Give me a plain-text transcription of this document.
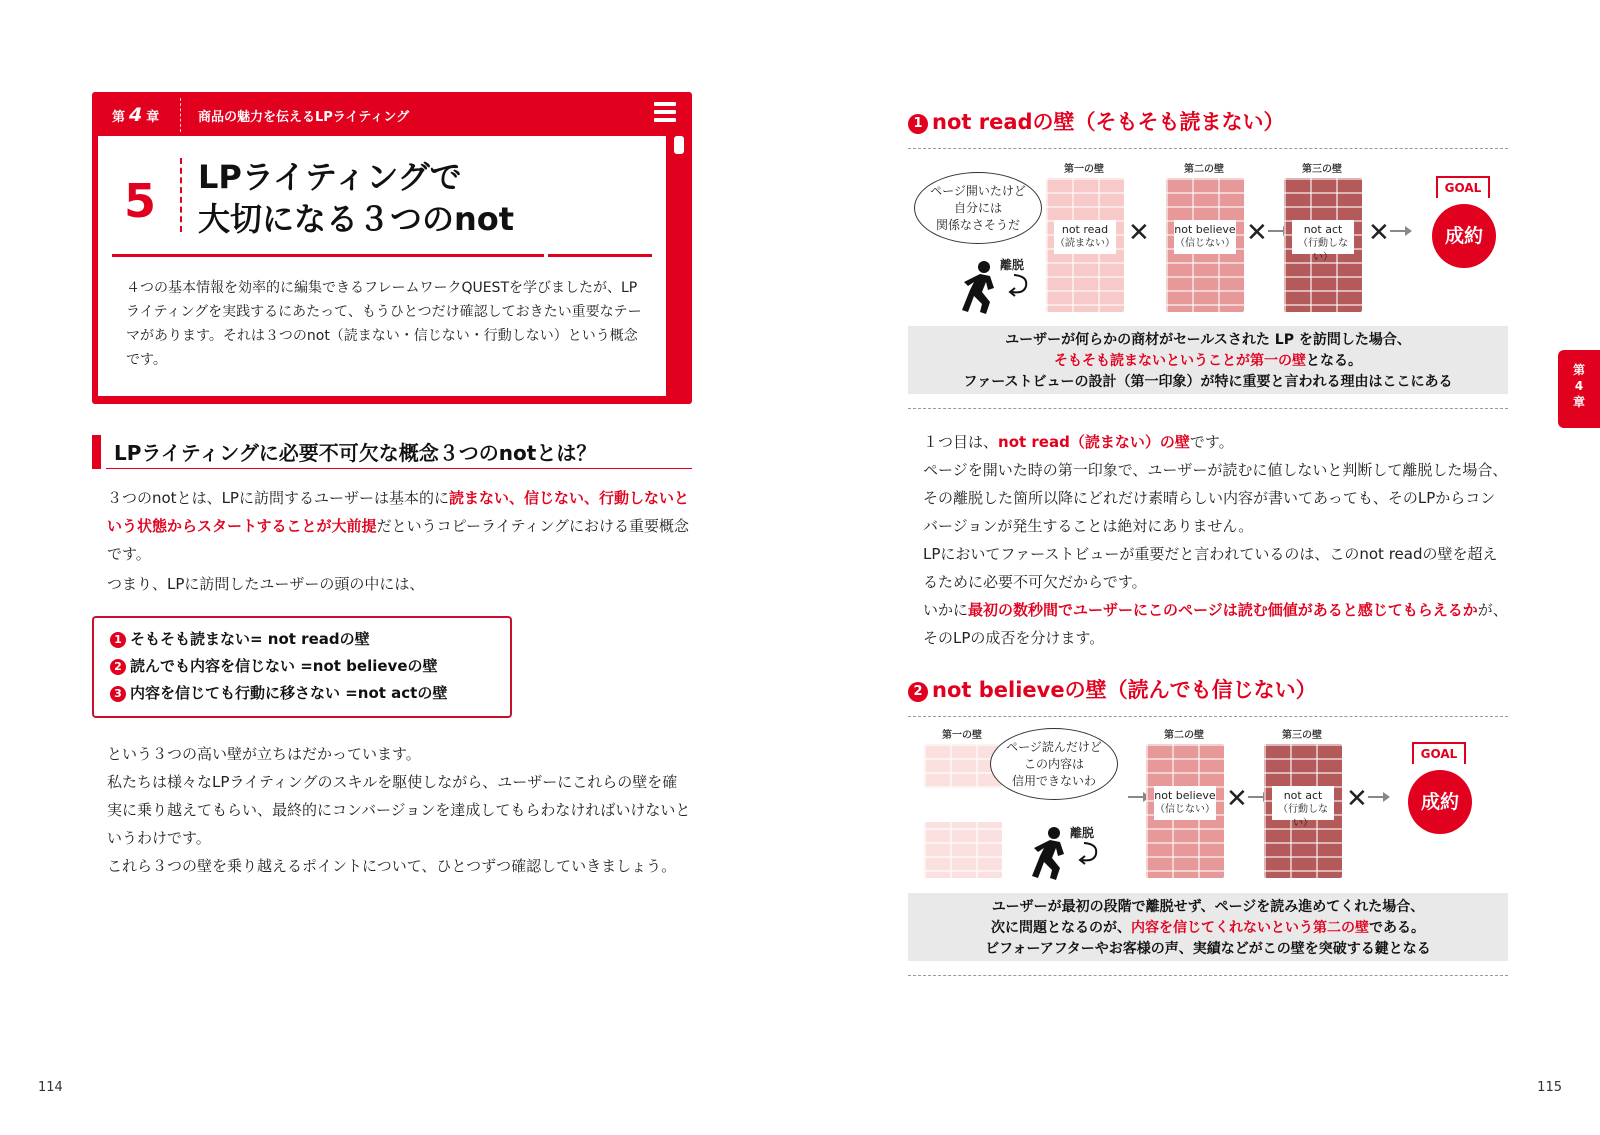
第 4 章	商品の魅力を伝えるLPライティング
5 LPライティングで
大切になる３つのnot
４つの基本情報を効率的に編集できるフレームワークQUESTを学びましたが、LPライティングを実践するにあたって、もうひとつだけ確認しておきたい重要なテーマがあります。それは３つのnot（読まない・信じない・行動しない）という概念です。
LPライティングに必要不可欠な概念３つのnotとは？
３つのnotとは、LPに訪問するユーザーは基本的に読まない、信じない、行動しないという状態からスタートすることが大前提だというコピーライティングにおける重要概念です。
つまり、LPに訪問したユーザーの頭の中には、
1 そもそも読まない= not readの壁
2 読んでも内容を信じない =not believeの壁
3 内容を信じても行動に移さない =not actの壁
という３つの高い壁が立ちはだかっています。
私たちは様々なLPライティングのスキルを駆使しながら、ユーザーにこれらの壁を確実に乗り越えてもらい、最終的にコンバージョンを達成してもらわなければいけないというわけです。
これら３つの壁を乗り越えるポイントについて、ひとつずつ確認していきましょう。
114
1 not readの壁（そもそも読まない）
ページ開いたけど
自分には
関係なさそうだ
離脱
第一の壁
not read
（読まない） ✕
第二の壁
not believe
（信じない） ✕
第三の壁
not act
（行動しない）
✕
GOAL
成約
ユーザーが何らかの商材がセールスされた LP を訪問した場合、
そもそも読まないということが第一の壁となる。
ファーストビューの設計（第一印象）が特に重要と言われる理由はここにある
１つ目は、not read（読まない）の壁です。
ページを開いた時の第一印象で、ユーザーが読むに値しないと判断して離脱した場合、その離脱した箇所以降にどれだけ素晴らしい内容が書いてあっても、そのLPからコンバージョンが発生することは絶対にありません。
LPにおいてファーストビューが重要だと言われているのは、このnot readの壁を超えるために必要不可欠だからです。
いかに最初の数秒間でユーザーにこのページは読む価値があると感じてもらえるかが、そのLPの成否を分けます。
2 not believeの壁（読んでも信じない）
第一の壁
ページ読んだけど
この内容は
信用できないわ
離脱
第二の壁
not believe
（信じない） ✕
第三の壁
not act
（行動しない）
✕
GOAL
成約
ユーザーが最初の段階で離脱せず、ページを読み進めてくれた場合、
次に問題となるのが、内容を信じてくれないという第二の壁である。
ビフォーアフターやお客様の声、実績などがこの壁を突破する鍵となる
第
4
章
115
